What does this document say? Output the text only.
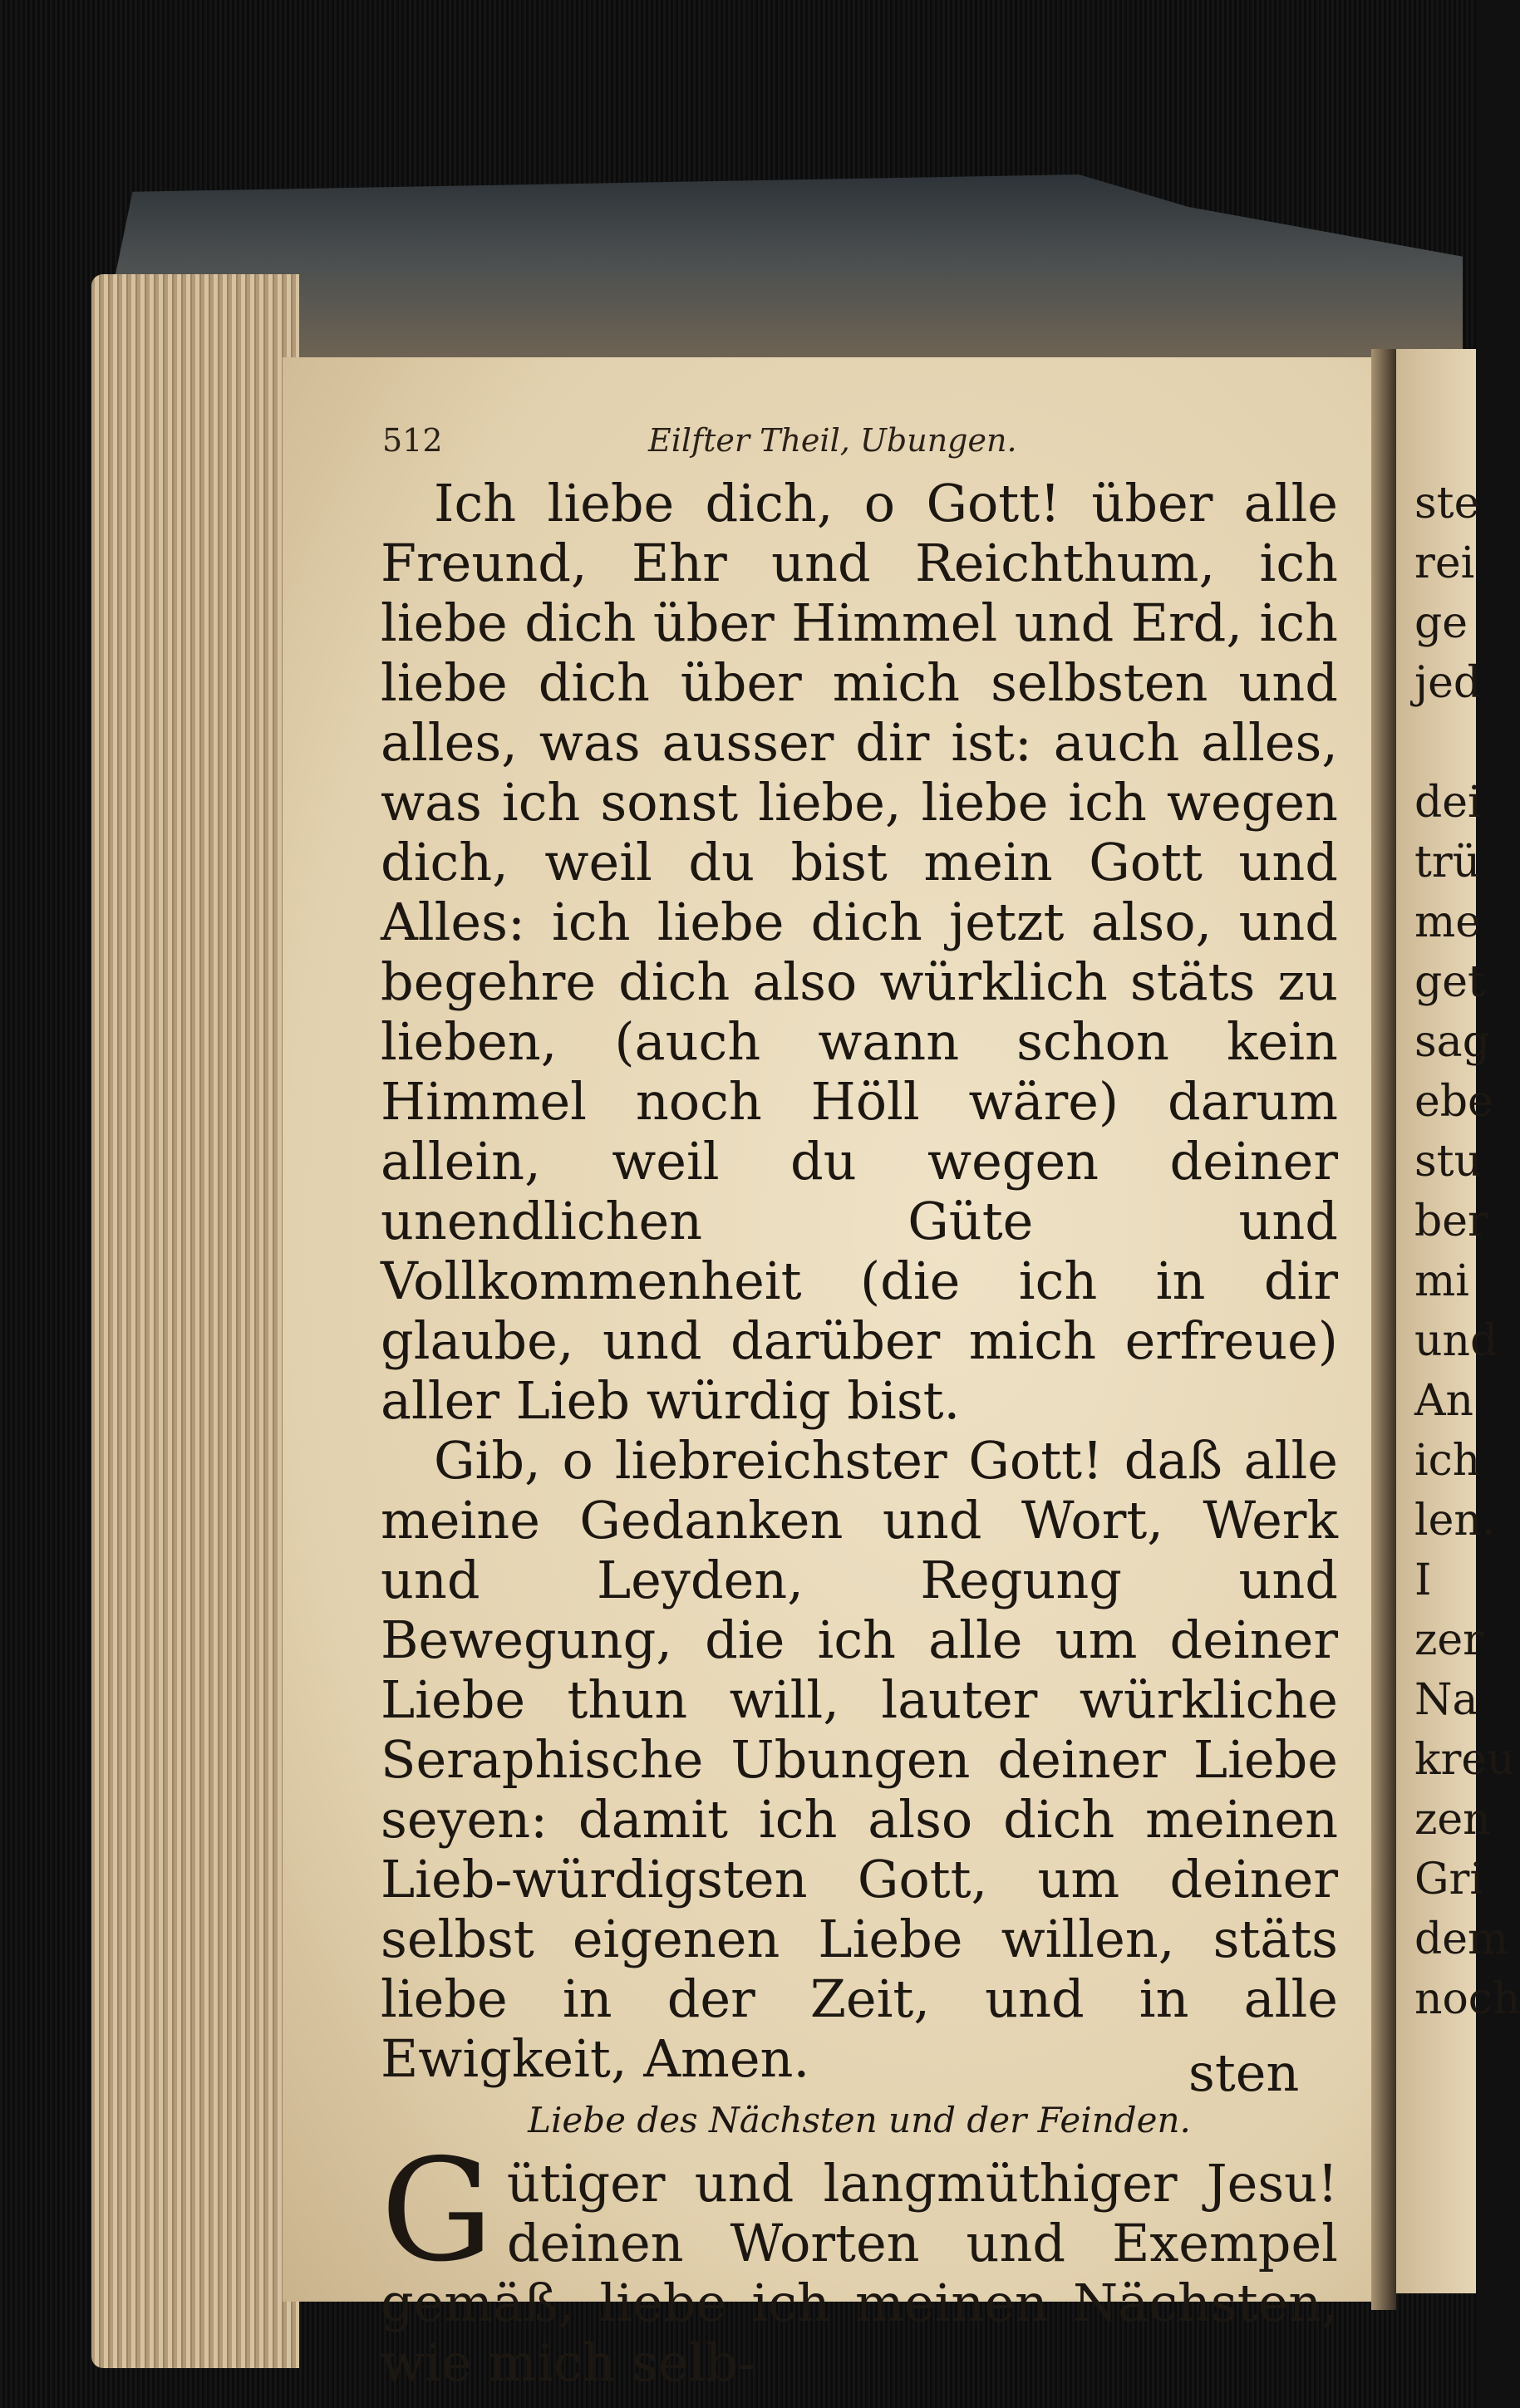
512	Eilfter Theil, Ubungen.

Ich liebe dich, o Gott! über alle Freund, Ehr und Reichthum, ich liebe dich über Himmel und Erd, ich liebe dich über mich selbsten und alles, was ausser dir ist: auch alles, was ich sonst liebe, liebe ich wegen dich, weil du bist mein Gott und Alles: ich liebe dich jetzt also, und begehre dich also würklich stäts zu lieben, (auch wann schon kein Himmel noch Höll wäre) darum allein, weil du wegen deiner unendlichen Güte und Vollkommenheit (die ich in dir glaube, und darüber mich erfreue) aller Lieb würdig bist.

Gib, o liebreichster Gott! daß alle meine Gedanken und Wort, Werk und Leyden, Regung und Bewegung, die ich alle um deiner Liebe thun will, lauter würkliche Seraphische Ubungen deiner Liebe seyen: damit ich also dich meinen Lieb-würdigsten Gott, um deiner selbst eigenen Liebe willen, stäts liebe in der Zeit, und in alle Ewigkeit, Amen.

Liebe des Nächsten und der Feinden.

Gütiger und langmüthiger Jesu! deinen Worten und Exempel gemäß, liebe ich meinen Nächsten, wie mich selb-

sten
ste
rei
ge
jed
dei
trü
me
get
sag
ebe
stu
ber
mi
und
An
ich
len.
I
zer
Na
kreu
zen
Gri
dem
noch
